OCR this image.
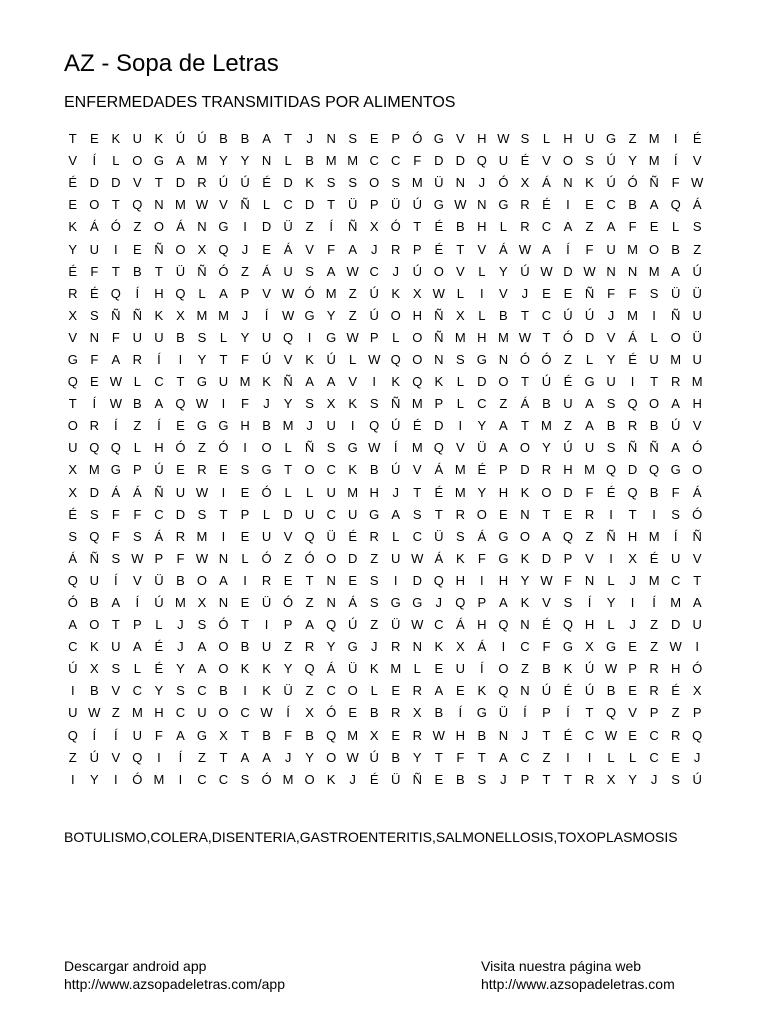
AZ - Sopa de Letras
ENFERMEDADES TRANSMITIDAS POR ALIMENTOS
T	E K U K Ú Ú B B A	T	J	N S E P Ó G V H W S	L	H U G Z M	I	É
V	Í	L O G A M Y Y N	L	B M M C C F D D Q U É V O S Ú Y M	Í	V
É D D V	T D R Ú Ú É D K S S O S M Ü N	J	Ó X Á N K Ú Ó Ñ F W
E O T Q N M W V Ñ	L	C D T Ü P Ü Ú G W N G R É	I	E C B A Q Á
K Á Ó Z O Á N G	I	D Ü Z	Í	Ñ X Ó T	É B H	L	R C A	Z	A	F	E	L	S
Y U	I	E Ñ O X Q	J	E Á V	F	A	J	R P É	T	V Á W A	Í	F U M O B	Z
É	F	T	B	T Ü Ñ Ó Z	Á U S A W C	J	Ú O V	L	Y Ú W D W N N M A Ú
R É Q	Í	H Q L	A P V W Ó M Z Ú K X W L	I	V	J	E E Ñ F	F	S Ü Ü
X S Ñ Ñ K X M M J	Í	W G Y	Z Ú O H Ñ X	L	B	T C Ú Ú	J M	I	Ñ U
V N F U U B S	L	Y U Q	I	G W P	L O Ñ M H M W T Ó D V Á	L O Ü
G F	A R	Í	I	Y	T	F Ú V K Ú	L W Q O N S G N Ó Ó Z	L	Y É U M U
Q E W L	C T G U M K Ñ A A V	I	K Q K	L	D O T Ú É G U	I	T R M
T	Í	W B A Q W	I	F	J	Y S X K S Ñ M P	L	C Z	Á B U A S Q O A H
O R	Í	Z	Í	E G G H B M J	U	I	Q Ú É D	I	Y A	T M Z	A B R B Ú V
U Q Q L	H Ó Z Ó	I	O L	Ñ S G W	Í	M Q V Ü A O Y Ú U S Ñ Ñ A Ó
X M G P Ú E R E S G T O C K B Ú V Á M É P D R H M Q D Q G O
X D Á Á Ñ U W	I	E Ó L	L	U M H	J	T	É M Y H K O D F	É Q B	F	Á
É S	F	F C D S	T	P	L	D U C U G A S	T R O E N T	E R	I	T	I	S Ó
S Q F	S Á R M	I	E U V Q Ü É R	L	C Ü S Á G O A Q Z Ñ H M	Í	Ñ
Á Ñ S W P	F W N	L Ó Z Ó O D Z U W Á K	F G K D P V	I	X É U V
Q U	Í	V Ü B O A	I	R E	T N E S	I	D Q H	I	H Y W F N	L	J M C T
Ó B A	Í	Ú M X N E Ü Ó Z N Á S G G	J	Q P A K V S	Í	Y	I	Í	M A
A O T	P	L	J	S Ó T	I	P A Q Ú Z Ü W C Á H Q N É Q H	L	J	Z D U
C K U A É	J	A O B U Z R Y G	J	R N K X Á	I	C F G X G E	Z W	I
Ú X S	L	É Y A O K K Y Q Á Ü K M L	E U	Í	O Z	B K Ú W P R H Ó
I	B V C Y S C B	I	K Ü Z C O L	E R A E K Q N Ú É Ú B E R É X
U W Z M H C U O C W	Í	X Ó E B R X B	Í	G Ü	Í	P	Í	T Q V P	Z	P
Q	Í	Í	U F	A G X	T	B	F	B Q M X E R W H B N	J	T	É C W E C R Q
Z Ú V Q	I	Í	Z	T	A A	J	Y O W Ú B Y	T	F	T	A C Z	I	I	L	L	C E	J
I	Y	I	Ó M	I	C C S Ó M O K	J	É Ü Ñ E B S	J	P	T	T R X Y	J	S Ú
BOTULISMO,COLERA,DISENTERIA,GASTROENTERITIS,SALMONELLOSIS,TOXOPLASMOSIS
Descargar android app
http://www.azsopadeletras.com/app
Visita nuestra página web
http://www.azsopadeletras.com
